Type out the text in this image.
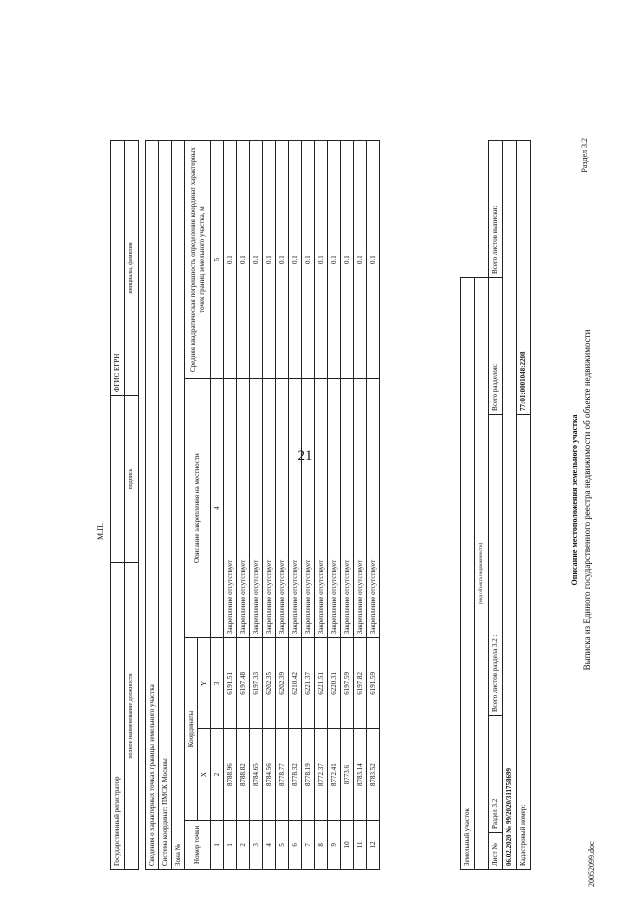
21
20052099.doc
Выписка из Единого государственного реестра недвижимости об объекте недвижимости
Описание местоположения земельного участка
Раздел 3.2
Земельный участок				
(вид объекта недвижимости)				
Лист №	Раздел 3.2	Всего листов раздела 3.2 :	Всего разделов:	Всего листов выписки:
06.02.2020 № 99/2020/311758699				
Кадастровый номер:			77:01:0001048:2208	
Сведения о характерных точках границы земельного участка				
Система координат: ПМСК Москвы				
Зона №				
Номер точки	Координаты		Описание закрепления на местности	Средняя квадратическая погрешность определения координат характерных точек границ земельного участка, м
	X	Y		
1	2	3	4	5
1	8788.96	6191.51	Закрепление отсутствует	0.1
2	8788.82	6197.48	Закрепление отсутствует	0.1
3	8784.65	6197.33	Закрепление отсутствует	0.1
4	8784.56	6202.35	Закрепление отсутствует	0.1
5	8778.77	6202.39	Закрепление отсутствует	0.1
6	8778.32	6210.42	Закрепление отсутствует	0.1
7	8778.19	6221.37	Закрепление отсутствует	0.1
8	8772.37	6221.51	Закрепление отсутствует	0.1
9	8772.41	6220.31	Закрепление отсутствует	0.1
10	8773.6	6197.59	Закрепление отсутствует	0.1
11	8783.14	6197.82	Закрепление отсутствует	0.1
12	8783.52	6191.59	Закрепление отсутствует	0.1
Государственный регистратор		ФГИС ЕГРН
полное наименование должности	подпись	инициалы, фамилия
М.П.
